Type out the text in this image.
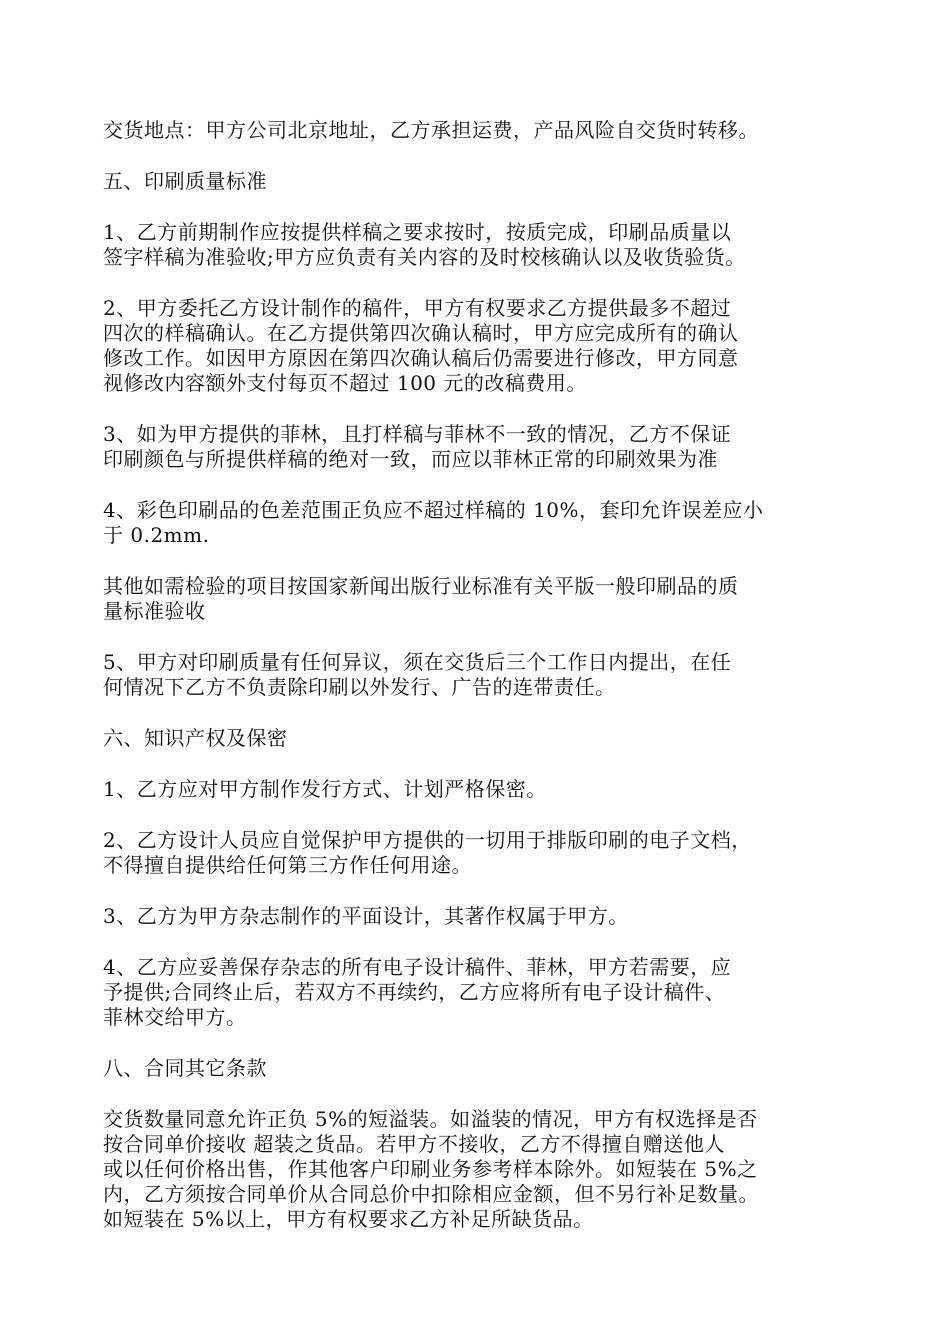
交货地点：甲方公司北京地址，乙方承担运费，产品风险自交货时转移。

五、印刷质量标准

1、乙方前期制作应按提供样稿之要求按时，按质完成，印刷品质量以
签字样稿为准验收;甲方应负责有关内容的及时校核确认以及收货验货。

2、甲方委托乙方设计制作的稿件，甲方有权要求乙方提供最多不超过
四次的样稿确认。在乙方提供第四次确认稿时，甲方应完成所有的确认
修改工作。如因甲方原因在第四次确认稿后仍需要进行修改，甲方同意
视修改内容额外支付每页不超过 100 元的改稿费用。

3、如为甲方提供的菲林，且打样稿与菲林不一致的情况，乙方不保证
印刷颜色与所提供样稿的绝对一致，而应以菲林正常的印刷效果为准

4、彩色印刷品的色差范围正负应不超过样稿的 10%，套印允许误差应小
于 0.2mm.

其他如需检验的项目按国家新闻出版行业标准有关平版一般印刷品的质
量标准验收

5、甲方对印刷质量有任何异议，须在交货后三个工作日内提出，在任
何情况下乙方不负责除印刷以外发行、广告的连带责任。

六、知识产权及保密

1、乙方应对甲方制作发行方式、计划严格保密。

2、乙方设计人员应自觉保护甲方提供的一切用于排版印刷的电子文档，
不得擅自提供给任何第三方作任何用途。

3、乙方为甲方杂志制作的平面设计，其著作权属于甲方。

4、乙方应妥善保存杂志的所有电子设计稿件、菲林，甲方若需要，应
予提供;合同终止后，若双方不再续约，乙方应将所有电子设计稿件、
菲林交给甲方。

八、合同其它条款

交货数量同意允许正负 5%的短溢装。如溢装的情况，甲方有权选择是否
按合同单价接收 超装之货品。若甲方不接收，乙方不得擅自赠送他人
或以任何价格出售，作其他客户印刷业务参考样本除外。如短装在 5%之
内，乙方须按合同单价从合同总价中扣除相应金额，但不另行补足数量。
如短装在 5%以上，甲方有权要求乙方补足所缺货品。
